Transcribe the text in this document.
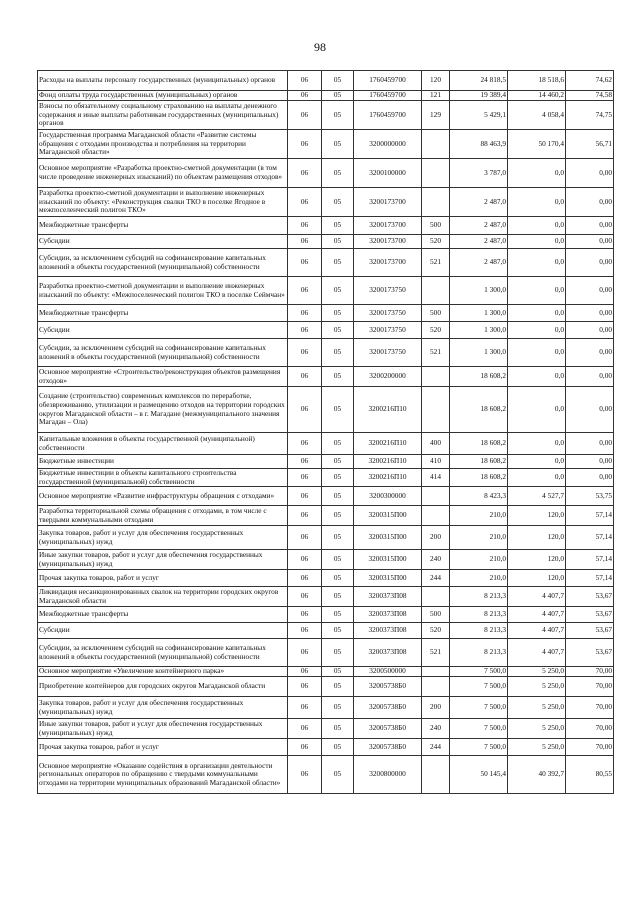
98
Расходы на выплаты персоналу государственных (муниципальных) органов	06	05	1760459700	120	24 818,5	18 518,6	74,62
Фонд оплаты труда государственных (муниципальных) органов	06	05	1760459700	121	19 389,4	14 460,2	74,58
Взносы по обязательному социальному страхованию на выплаты денежного содержания и иные выплаты работникам государственных (муниципальных) органов	06	05	1760459700	129	5 429,1	4 058,4	74,75
Государственная программа Магаданской области «Развитие системы обращения с отходами производства и потребления на территории Магаданской области»	06	05	3200000000		88 463,9	50 170,4	56,71
Основное мероприятие «Разработка проектно-сметной документации (в том числе проведение инженерных изысканий) по объектам размещения отходов»	06	05	3200100000		3 787,0	0,0	0,00
Разработка проектно-сметной документации и выполнение инженерных изысканий по объекту: «Реконструкция свалки ТКО в поселке Ягодное в межпоселенческий полигон ТКО»	06	05	3200173700		2 487,0	0,0	0,00
Межбюджетные трансферты	06	05	3200173700	500	2 487,0	0,0	0,00
Субсидии	06	05	3200173700	520	2 487,0	0,0	0,00
Субсидии, за исключением субсидий на софинансирование капитальных вложений в объекты государственной (муниципальной) собственности	06	05	3200173700	521	2 487,0	0,0	0,00
Разработка проектно-сметной документации и выполнение инженерных изысканий по объекту: «Межпоселенческий полигон ТКО в поселке Сеймчан»	06	05	3200173750		1 300,0	0,0	0,00
Межбюджетные трансферты	06	05	3200173750	500	1 300,0	0,0	0,00
Субсидии	06	05	3200173750	520	1 300,0	0,0	0,00
Субсидии, за исключением субсидий на софинансирование капитальных вложений в объекты государственной (муниципальной) собственности	06	05	3200173750	521	1 300,0	0,0	0,00
Основное мероприятие «Строительство/реконструкция объектов размещения отходов»	06	05	3200200000		18 608,2	0,0	0,00
Создание (строительство) современных комплексов по переработке, обезвреживанию, утилизации и размещению отходов на территории городских округов Магаданской области – в г. Магадане (межмуниципального значения Магадан – Ола)	06	05	3200216П10		18 608,2	0,0	0,00
Капитальные вложения в объекты государственной (муниципальной) собственности	06	05	3200216П10	400	18 608,2	0,0	0,00
Бюджетные инвестиции	06	05	3200216П10	410	18 608,2	0,0	0,00
Бюджетные инвестиции в объекты капитального строительства государственной (муниципальной) собственности	06	05	3200216П10	414	18 608,2	0,0	0,00
Основное мероприятие «Развитие инфраструктуры обращения с отходами»	06	05	3200300000		8 423,3	4 527,7	53,75
Разработка территориальной схемы обращения с отходами, в том числе с твердыми коммунальными отходами	06	05	3200315П00		210,0	120,0	57,14
Закупка товаров, работ и услуг для обеспечения государственных (муниципальных) нужд	06	05	3200315П00	200	210,0	120,0	57,14
Иные закупки товаров, работ и услуг для обеспечения государственных (муниципальных) нужд	06	05	3200315П00	240	210,0	120,0	57,14
Прочая закупка товаров, работ и услуг	06	05	3200315П00	244	210,0	120,0	57,14
Ликвидация несанкционированных свалок на территории городских округов Магаданской области	06	05	3200373П08		8 213,3	4 407,7	53,67
Межбюджетные трансферты	06	05	3200373П08	500	8 213,3	4 407,7	53,67
Субсидии	06	05	3200373П08	520	8 213,3	4 407,7	53,67
Субсидии, за исключением субсидий на софинансирование капитальных вложений в объекты государственной (муниципальной) собственности	06	05	3200373П08	521	8 213,3	4 407,7	53,67
Основное мероприятие «Увеличение контейнерного парка»	06	05	3200500000		7 500,0	5 250,0	70,00
Приобретение контейнеров для городских округов Магаданской области	06	05	32005738Б0		7 500,0	5 250,0	70,00
Закупка товаров, работ и услуг для обеспечения государственных (муниципальных) нужд	06	05	32005738Б0	200	7 500,0	5 250,0	70,00
Иные закупки товаров, работ и услуг для обеспечения государственных (муниципальных) нужд	06	05	32005738Б0	240	7 500,0	5 250,0	70,00
Прочая закупка товаров, работ и услуг	06	05	32005738Б0	244	7 500,0	5 250,0	70,00
Основное мероприятие «Оказание содействия в организации деятельности региональных операторов по обращению с твердыми коммунальными отходами на территории муниципальных образований Магаданской области»	06	05	3200800000		50 145,4	40 392,7	80,55
